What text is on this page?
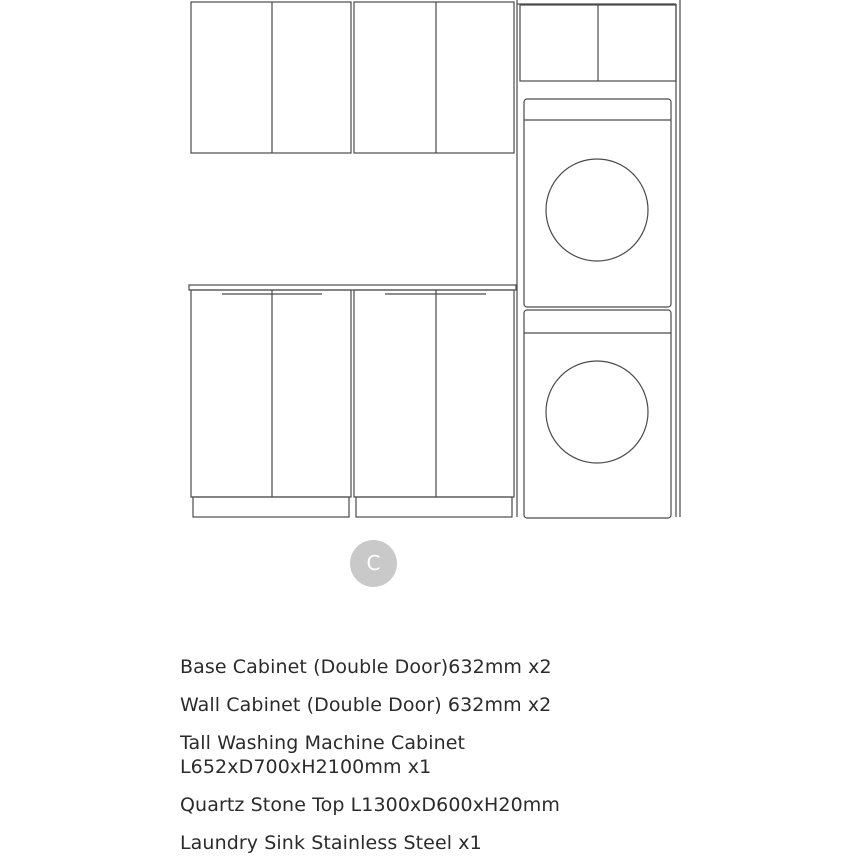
C

Base Cabinet (Double Door)632mm x2

Wall Cabinet (Double Door) 632mm x2

Tall Washing Machine Cabinet

L652xD700xH2100mm x1

Quartz Stone Top L1300xD600xH20mm

Laundry Sink Stainless Steel x1
